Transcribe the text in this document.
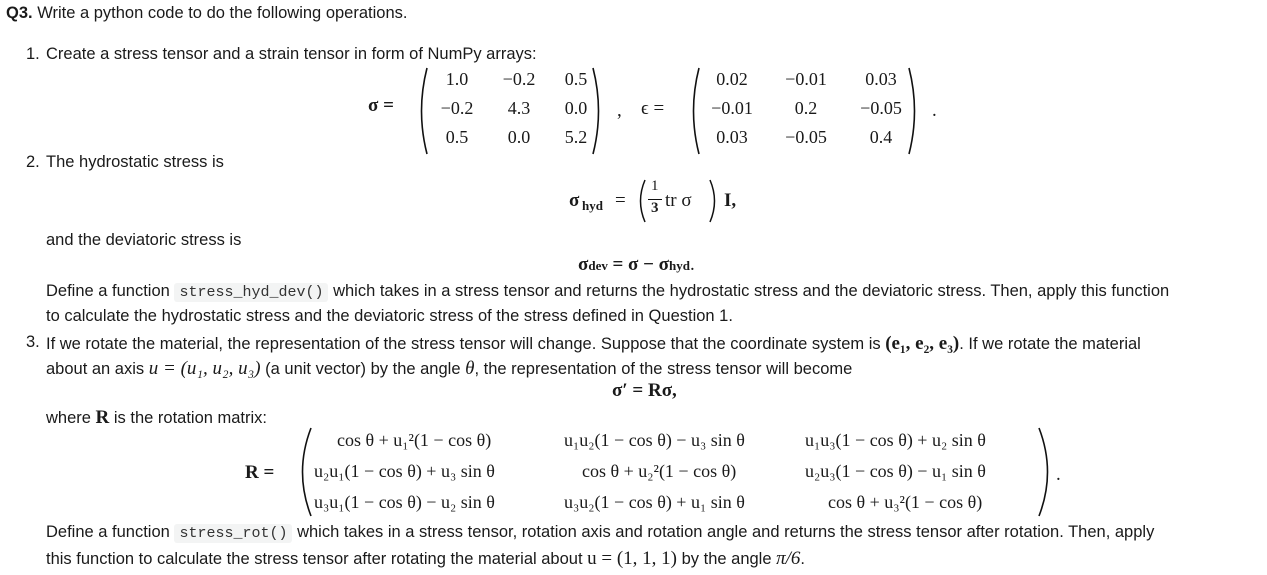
Q3. Write a python code to do the following operations.
1. Create a stress tensor and a strain tensor in form of NumPy arrays:
σ =
1.0	−0.2	0.5
−0.2	4.3	0.0
0.5	0.0	5.2
, ϵ =
0.02	−0.01	0.03
−0.01	0.2	−0.05
0.03	−0.05	0.4
.
2. The hydrostatic stress is
σ hyd =
1
3 tr σ I,
and the deviatoric stress is
σdev = σ − σhyd.
Define a function stress_hyd_dev() which takes in a stress tensor and returns the hydrostatic stress and the deviatoric stress. Then, apply this function
to calculate the hydrostatic stress and the deviatoric stress of the stress defined in Question 1.
3. If we rotate the material, the representation of the stress tensor will change. Suppose that the coordinate system is (e₁, e₂, e₃). If we rotate the material
about an axis u = (u₁, u₂, u₃) (a unit vector) by the angle θ, the representation of the stress tensor will become
σ′ = Rσ,
where R is the rotation matrix:
R =
cos θ + u₁²(1 − cos θ)	u₁u₂(1 − cos θ) − u₃ sin θ	u₁u₃(1 − cos θ) + u₂ sin θ
u₂u₁(1 − cos θ) + u₃ sin θ	cos θ + u₂²(1 − cos θ)	u₂u₃(1 − cos θ) − u₁ sin θ
u₃u₁(1 − cos θ) − u₂ sin θ	u₃u₂(1 − cos θ) + u₁ sin θ	cos θ + u₃²(1 − cos θ)
.
Define a function stress_rot() which takes in a stress tensor, rotation axis and rotation angle and returns the stress tensor after rotation. Then, apply
this function to calculate the stress tensor after rotating the material about u = (1, 1, 1) by the angle π/6.
